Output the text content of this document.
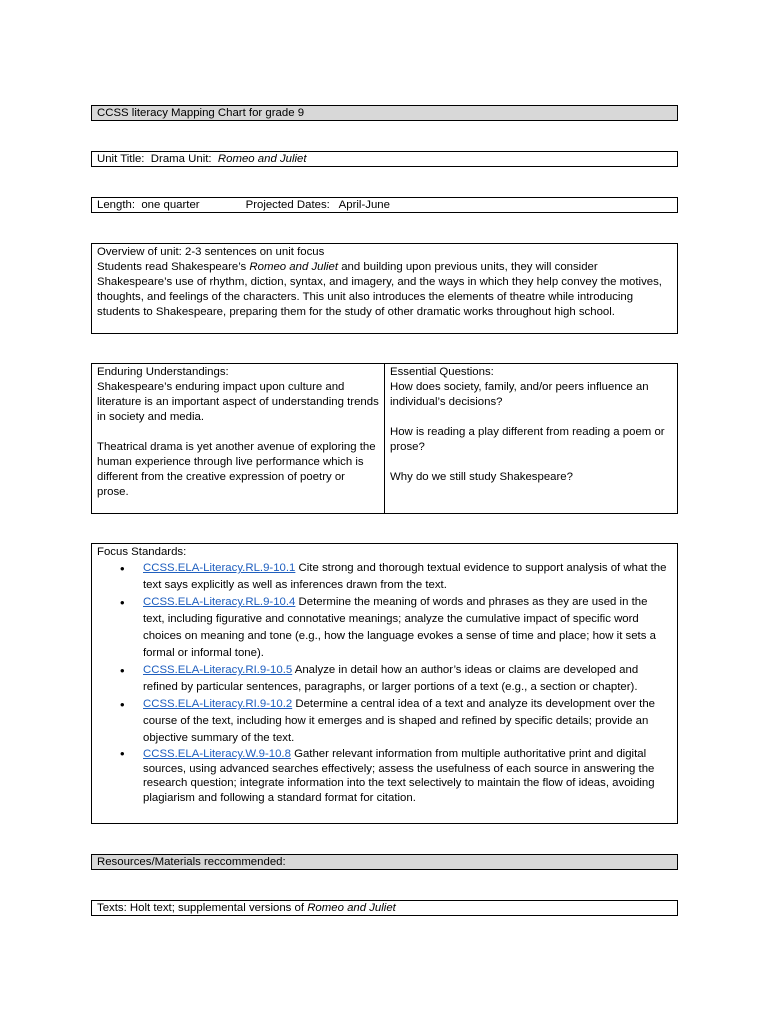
CCSS literacy Mapping Chart for grade 9
Unit Title:  Drama Unit: Romeo and Juliet
Length:  one quarter	Projected Dates:   April-June
Overview of unit: 2-3 sentences on unit focus
Students read Shakespeare’s Romeo and Juliet and building upon previous units, they will consider Shakespeare’s use of rhythm, diction, syntax, and imagery, and the ways in which they help convey the motives, thoughts, and feelings of the characters. This unit also introduces the elements of theatre while introducing students to Shakespeare, preparing them for the study of other dramatic works throughout high school.
Enduring Understandings:
Shakespeare’s enduring impact upon culture and literature is an important aspect of understanding trends in society and media.
Theatrical drama is yet another avenue of exploring the human experience through live performance which is different from the creative expression of poetry or prose.
Essential Questions:
How does society, family, and/or peers influence an individual’s decisions?
How is reading a play different from reading a poem or prose?
Why do we still study Shakespeare?
Focus Standards:
• CCSS.ELA-Literacy.RL.9-10.1 Cite strong and thorough textual evidence to support analysis of what the text says explicitly as well as inferences drawn from the text.
• CCSS.ELA-Literacy.RL.9-10.4 Determine the meaning of words and phrases as they are used in the text, including figurative and connotative meanings; analyze the cumulative impact of specific word choices on meaning and tone (e.g., how the language evokes a sense of time and place; how it sets a formal or informal tone).
• CCSS.ELA-Literacy.RI.9-10.5 Analyze in detail how an author’s ideas or claims are developed and refined by particular sentences, paragraphs, or larger portions of a text (e.g., a section or chapter).
• CCSS.ELA-Literacy.RI.9-10.2 Determine a central idea of a text and analyze its development over the course of the text, including how it emerges and is shaped and refined by specific details; provide an objective summary of the text.
• CCSS.ELA-Literacy.W.9-10.8 Gather relevant information from multiple authoritative print and digital sources, using advanced searches effectively; assess the usefulness of each source in answering the research question; integrate information into the text selectively to maintain the flow of ideas, avoiding plagiarism and following a standard format for citation.
Resources/Materials reccommended:
Texts: Holt text; supplemental versions of Romeo and Juliet
